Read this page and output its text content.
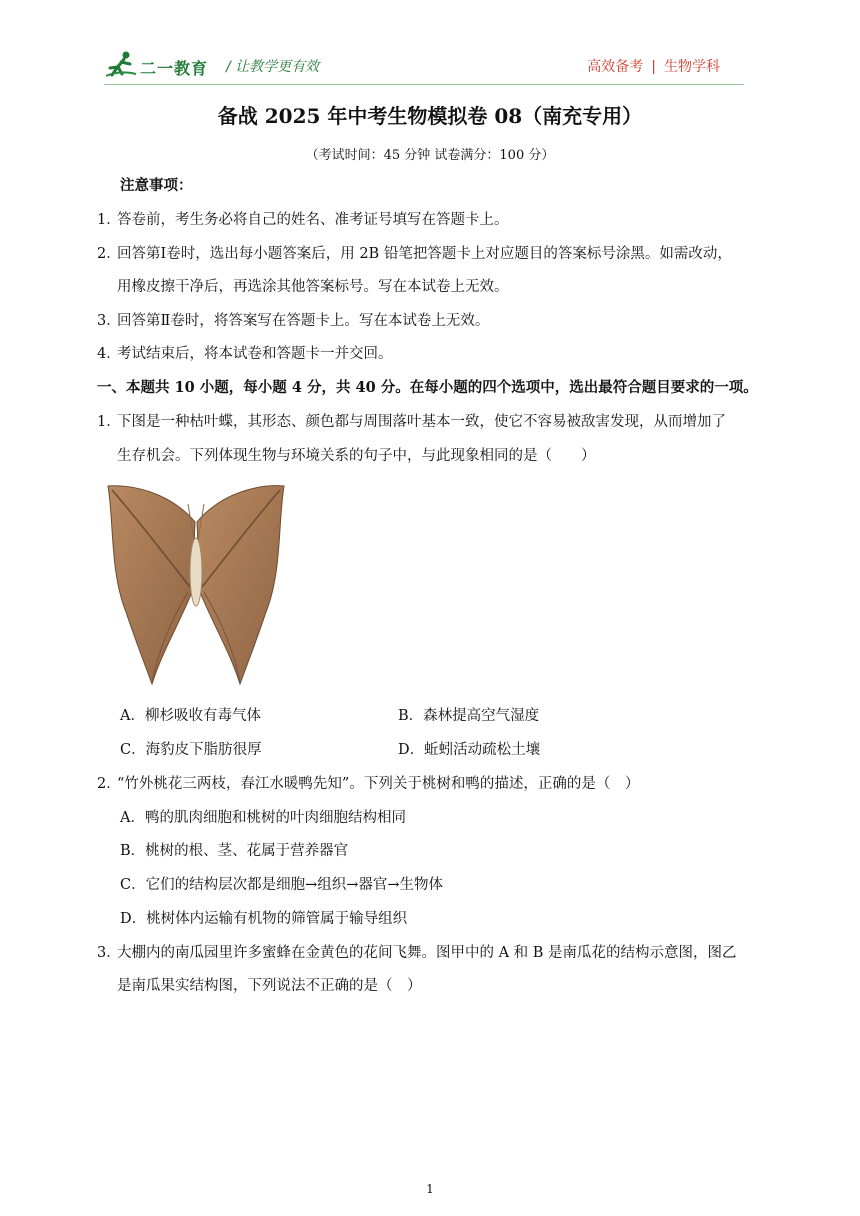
二一教育 / 让教学更有效	高效备考 | 生物学科
备战 2025 年中考生物模拟卷 08（南充专用）
（考试时间：45 分钟 试卷满分：100 分）
注意事项：
1．答卷前，考生务必将自己的姓名、准考证号填写在答题卡上。
2．回答第Ⅰ卷时，选出每小题答案后，用 2B 铅笔把答题卡上对应题目的答案标号涂黑。如需改动，
用橡皮擦干净后，再选涂其他答案标号。写在本试卷上无效。
3．回答第Ⅱ卷时，将答案写在答题卡上。写在本试卷上无效。
4．考试结束后，将本试卷和答题卡一并交回。
一、本题共 10 小题，每小题 4 分，共 40 分。在每小题的四个选项中，选出最符合题目要求的一项。
1．下图是一种枯叶蝶，其形态、颜色都与周围落叶基本一致，使它不容易被敌害发现，从而增加了
生存机会。下列体现生物与环境关系的句子中，与此现象相同的是（　　）
A．柳杉吸收有毒气体	B．森林提高空气湿度
C．海豹皮下脂肪很厚	D．蚯蚓活动疏松土壤
2．“竹外桃花三两枝，春江水暖鸭先知”。下列关于桃树和鸭的描述，正确的是（　）
A．鸭的肌肉细胞和桃树的叶肉细胞结构相同
B．桃树的根、茎、花属于营养器官
C．它们的结构层次都是细胞→组织→器官→生物体
D．桃树体内运输有机物的筛管属于输导组织
3．大棚内的南瓜园里许多蜜蜂在金黄色的花间飞舞。图甲中的 A 和 B 是南瓜花的结构示意图，图乙
是南瓜果实结构图，下列说法不正确的是（　）
1
